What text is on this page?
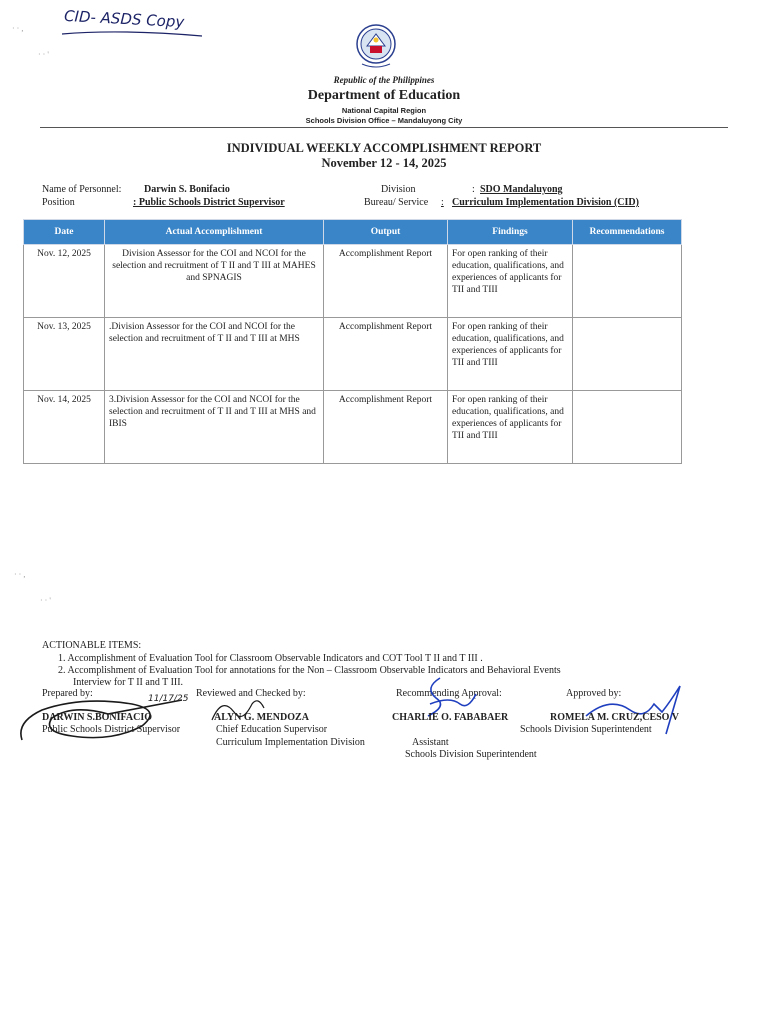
CID- ASDS Copy
· · ,
· · '
Republic of the Philippines
Department of Education
National Capital Region
Schools Division Office – Mandaluyong City
INDIVIDUAL WEEKLY ACCOMPLISHMENT REPORT
November 12 - 14, 2025
Name of Personnel: Darwin S. Bonifacio
Position	: Public Schools District Supervisor
Division	: SDO Mandaluyong
Bureau/ Service : Curriculum Implementation Division (CID)
Date	Actual Accomplishment	Output	Findings	Recommendations
Nov. 12, 2025	Division Assessor for the COI and NCOI for the selection and recruitment of T II and T III at MAHES and SPNAGIS	Accomplishment Report	For open ranking of their education, qualifications, and experiences of applicants for TII and TIII	
Nov. 13, 2025	.Division Assessor for the COI and NCOI for the selection and recruitment of T II and T III at MHS	Accomplishment Report	For open ranking of their education, qualifications, and experiences of applicants for TII and TIII	
Nov. 14, 2025	3.Division Assessor for the COI and NCOI for the selection and recruitment of T II and T III at MHS and IBIS	Accomplishment Report	For open ranking of their education, qualifications, and experiences of applicants for TII and TIII	
· · ,
· · '
ACTIONABLE ITEMS:
1. Accomplishment of Evaluation Tool for Classroom Observable Indicators and COT Tool T II and T III .
2. Accomplishment of Evaluation Tool for annotations for the Non – Classroom Observable Indicators and Behavioral Events
Interview for T II and T III.
Prepared by:	Reviewed and Checked by:	Recommending Approval:	Approved by:
11/17/25
DARWIN S.BONIFACIO
Public Schools District Supervisor
ALYN G. MENDOZA
Chief Education Supervisor
Curriculum Implementation Division
CHARLIE O. FABABAER
Assistant
Schools Division Superintendent
ROMELA M. CRUZ,CESO V
Schools Division Superintendent
